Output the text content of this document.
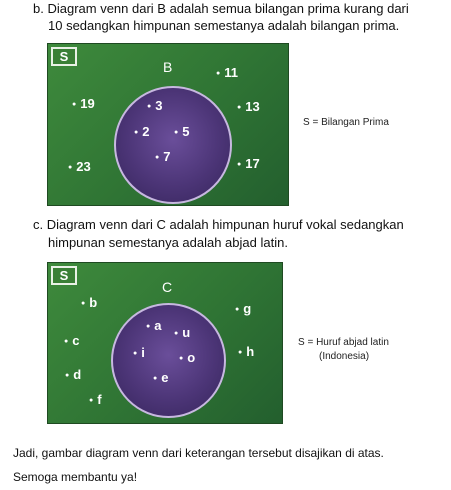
b. Diagram venn dari B adalah semua bilangan prima kurang dari
10 sedangkan himpunan semestanya adalah bilangan prima.
S
B
● 3
● 2	● 5
● 7
● 11
● 19	● 13
● 23	● 17
S = Bilangan Prima
c. Diagram venn dari C adalah himpunan huruf vokal sedangkan
himpunan semestanya adalah abjad latin.
S
C
● a	● u
● i	● o
● e
● b	● g
● c
● h
● d
● f
S = Huruf abjad latin
(Indonesia)
Jadi, gambar diagram venn dari keterangan tersebut disajikan di atas.
Semoga membantu ya!
